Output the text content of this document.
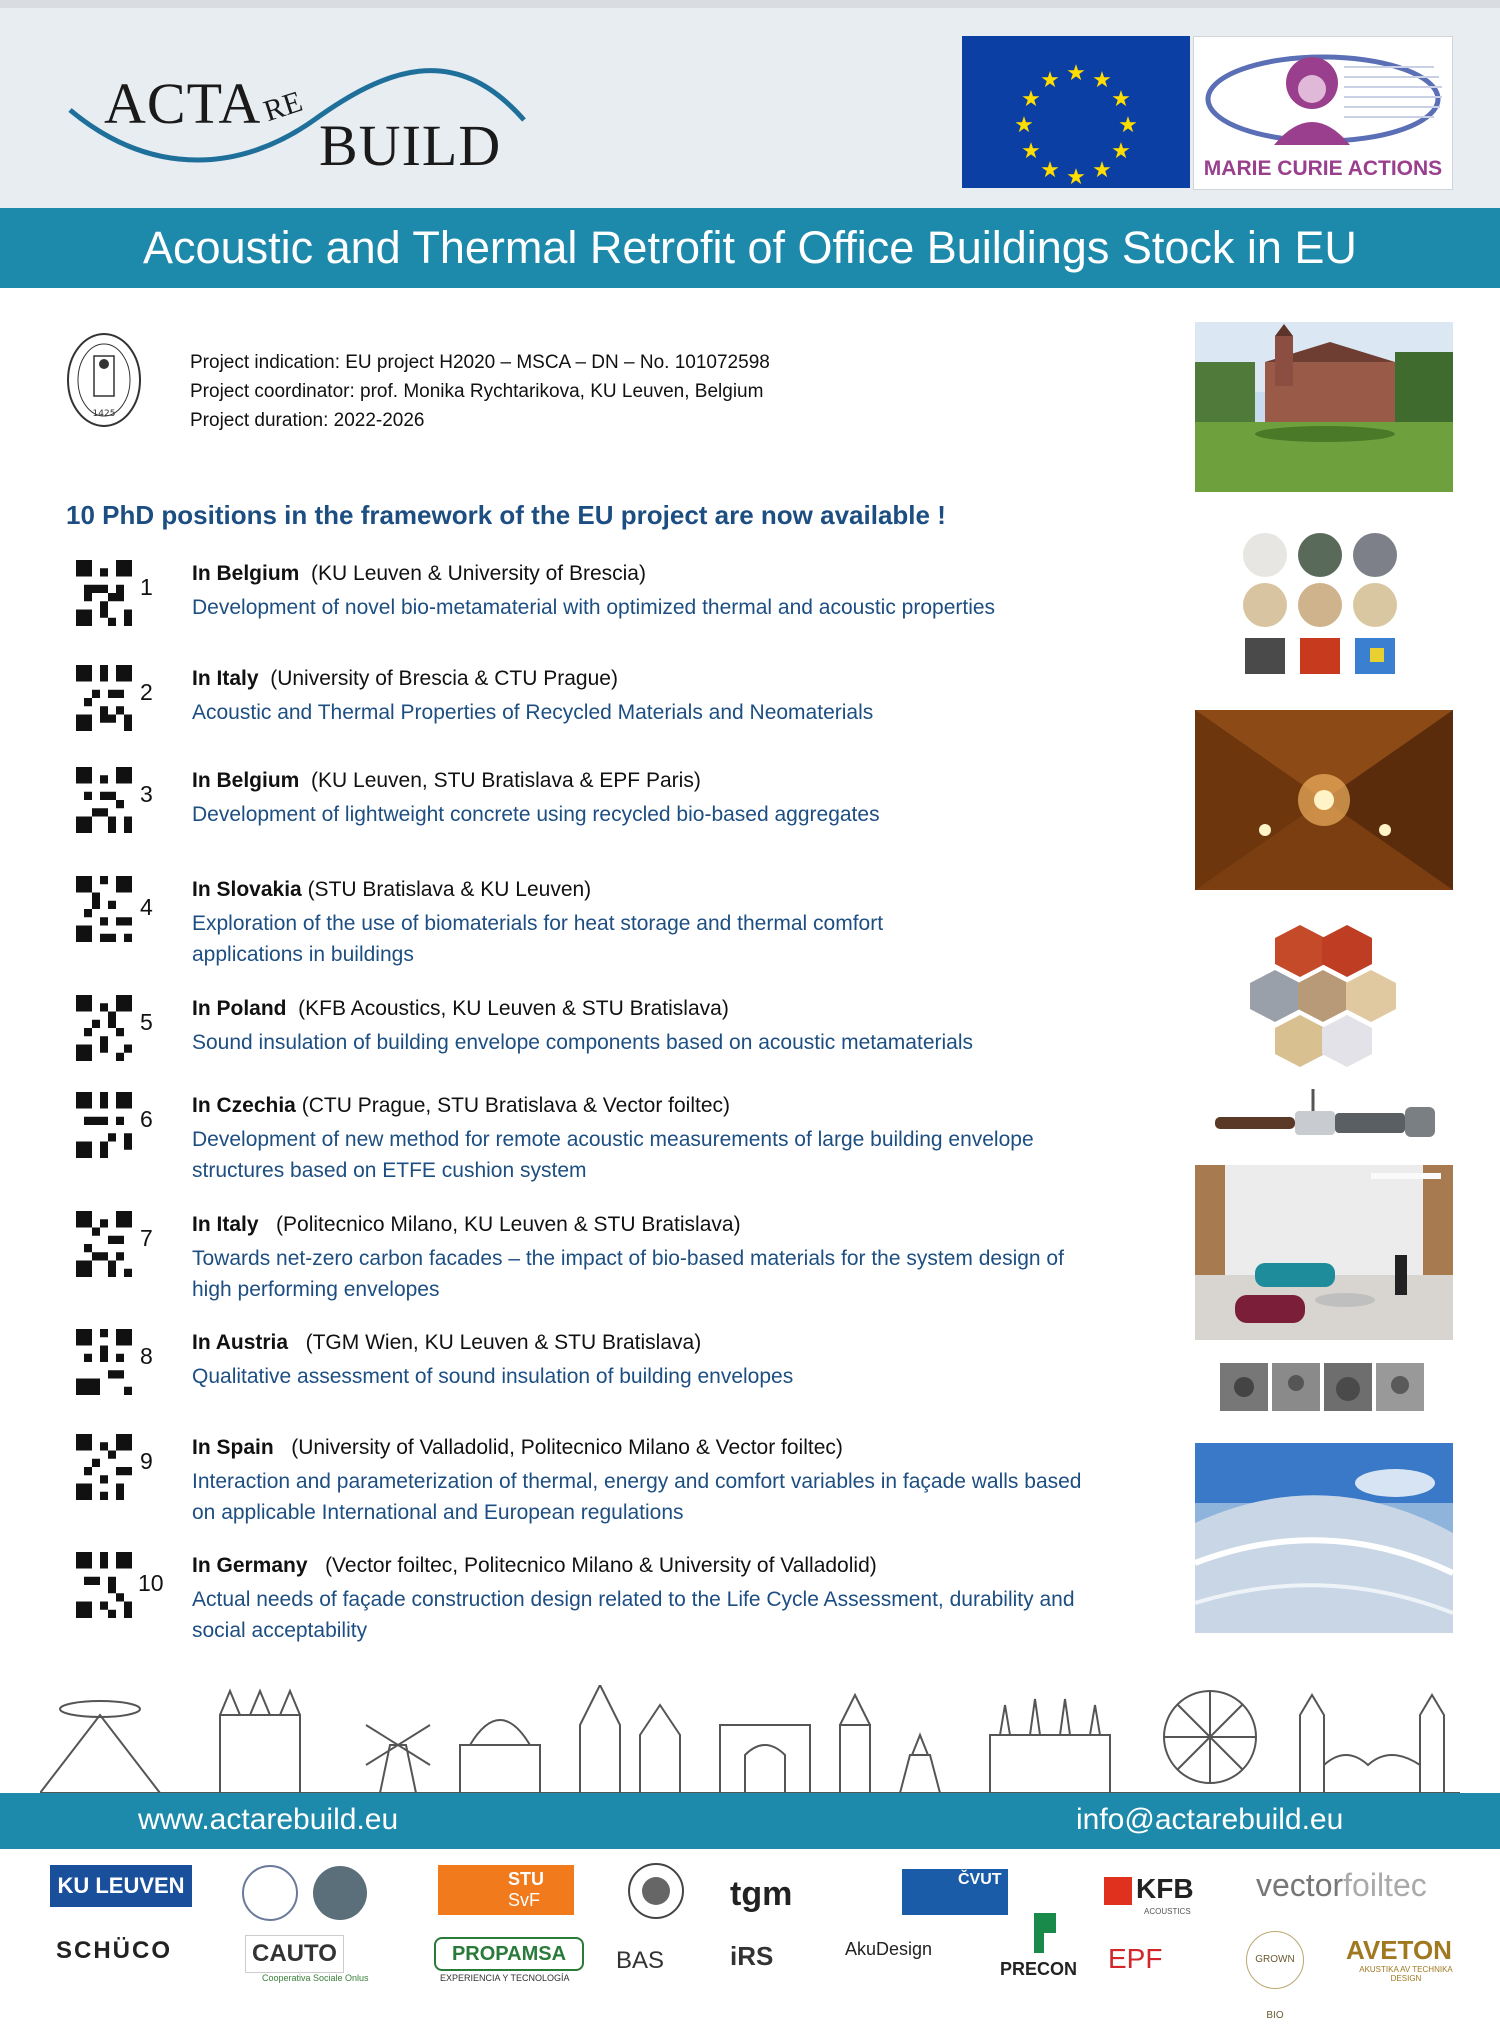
ACTA
RE
BUILD
★ ★
★
★
★
★
★
★
★
★
★
★
MARIE CURIE ACTIONS
Acoustic and Thermal Retrofit of Office Buildings Stock in EU
1425
Project indication: EU project H2020 – MSCA – DN – No. 101072598
Project coordinator: prof. Monika Rychtarikova, KU Leuven, Belgium
Project duration: 2022-2026
10 PhD positions in the framework of the EU project are now available !
1
In Belgium (KU Leuven & University of Brescia)
Development of novel bio-metamaterial with optimized thermal and acoustic properties
2
In Italy (University of Brescia & CTU Prague)
Acoustic and Thermal Properties of Recycled Materials and Neomaterials
3
In Belgium (KU Leuven, STU Bratislava & EPF Paris)
Development of lightweight concrete using recycled bio-based aggregates
4
In Slovakia (STU Bratislava & KU Leuven)
Exploration of the use of biomaterials for heat storage and thermal comfort applications in buildings
5
In Poland (KFB Acoustics, KU Leuven & STU Bratislava)
Sound insulation of building envelope components based on acoustic metamaterials
6
In Czechia (CTU Prague, STU Bratislava & Vector foiltec)
Development of new method for remote acoustic measurements of large building envelope structures based on ETFE cushion system
7
In Italy (Politecnico Milano, KU Leuven & STU Bratislava)
Towards net-zero carbon facades – the impact of bio-based materials for the system design of high performing envelopes
8
In Austria (TGM Wien, KU Leuven & STU Bratislava)
Qualitative assessment of sound insulation of building envelopes
9
In Spain (University of Valladolid, Politecnico Milano & Vector foiltec)
Interaction and parameterization of thermal, energy and comfort variables in façade walls based on applicable International and European regulations
10
In Germany (Vector foiltec, Politecnico Milano & University of Valladolid)
Actual needs of façade construction design related to the Life Cycle Assessment, durability and social acceptability
www.actarebuild.eu	info@actarebuild.eu
KU LEUVEN
SCHÜCO	CAUTO
Cooperativa Sociale Onlus
STU
SvF
PROPAMSA
EXPERIENCIA Y TECNOLOGÍA
BAS
tgm
iRS	AkuDesign
ČVUT
PRECON
KFB
ACOUSTICS
EPF
vectorfoiltec
GROWN BIO
AVETON
AKUSTIKA AV TECHNIKA DESIGN
